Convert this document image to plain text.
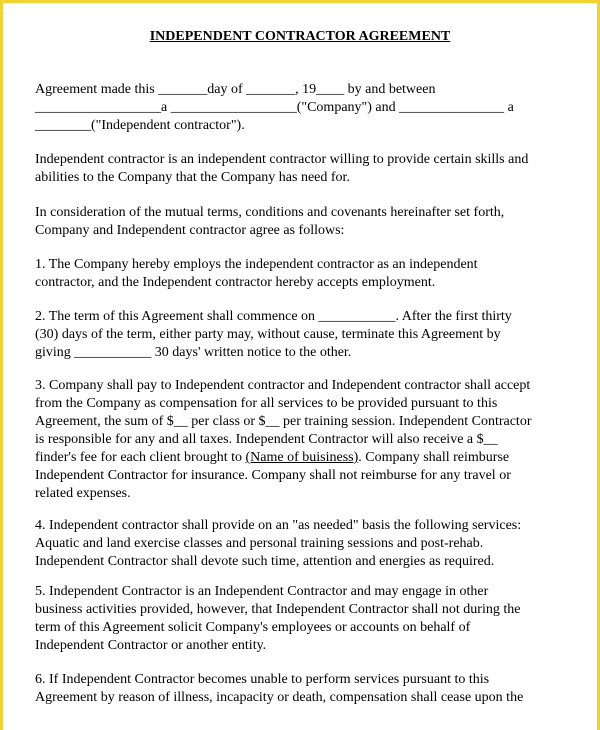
INDEPENDENT CONTRACTOR AGREEMENT
Agreement made this _______day of _______, 19____ by and between
__________________a __________________("Company") and _______________ a
________("Independent contractor").
Independent contractor is an independent contractor willing to provide certain skills and
abilities to the Company that the Company has need for.
In consideration of the mutual terms, conditions and covenants hereinafter set forth,
Company and Independent contractor agree as follows:
1. The Company hereby employs the independent contractor as an independent
contractor, and the Independent contractor hereby accepts employment.
2. The term of this Agreement shall commence on ___________. After the first thirty
(30) days of the term, either party may, without cause, terminate this Agreement by
giving ___________ 30 days' written notice to the other.
3. Company shall pay to Independent contractor and Independent contractor shall accept
from the Company as compensation for all services to be provided pursuant to this
Agreement, the sum of $__ per class or $__ per training session. Independent Contractor
is responsible for any and all taxes. Independent Contractor will also receive a $__
finder's fee for each client brought to (Name of buisiness). Company shall reimburse
Independent Contractor for insurance. Company shall not reimburse for any travel or
related expenses.
4. Independent contractor shall provide on an "as needed" basis the following services:
Aquatic and land exercise classes and personal training sessions and post-rehab.
Independent Contractor shall devote such time, attention and energies as required.
5. Independent Contractor is an Independent Contractor and may engage in other
business activities provided, however, that Independent Contractor shall not during the
term of this Agreement solicit Company's employees or accounts on behalf of
Independent Contractor or another entity.
6. If Independent Contractor becomes unable to perform services pursuant to this
Agreement by reason of illness, incapacity or death, compensation shall cease upon the
